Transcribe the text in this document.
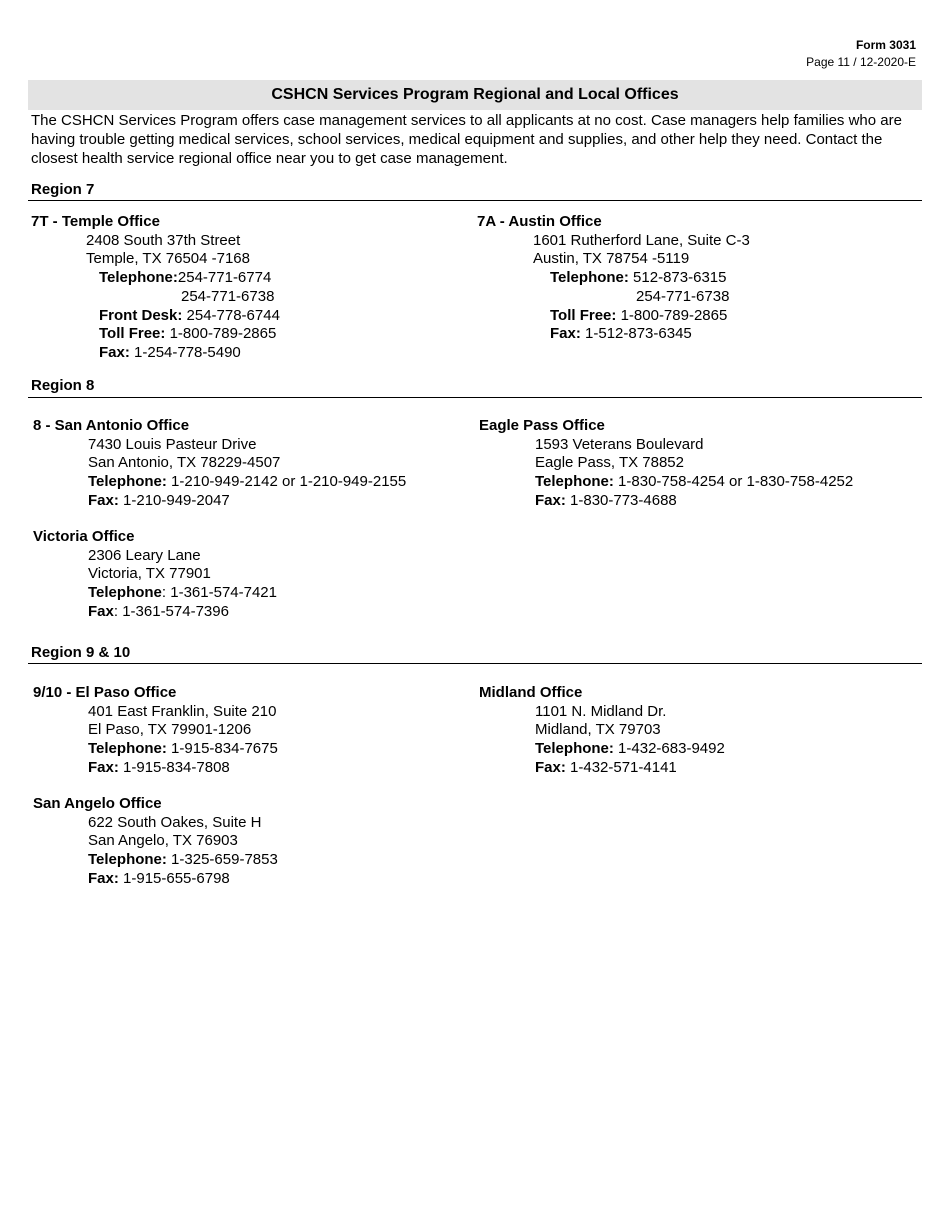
Form 3031
Page 11 / 12-2020-E
CSHCN Services Program Regional and Local Offices
The CSHCN Services Program offers case management services to all applicants at no cost. Case managers help families who are having trouble getting medical services, school services, medical equipment and supplies, and other help they need. Contact the closest health service regional office near you to get case management.
Region 7
7T - Temple Office
2408 South 37th Street
Temple, TX 76504 -7168
Telephone:254-771-6774
254-771-6738
Front Desk: 254-778-6744
Toll Free: 1-800-789-2865
Fax: 1-254-778-5490
7A - Austin Office
1601 Rutherford Lane, Suite C-3
Austin, TX 78754 -5119
Telephone: 512-873-6315
254-771-6738
Toll Free: 1-800-789-2865
Fax: 1-512-873-6345
Region 8
8 - San Antonio Office
7430 Louis Pasteur Drive
San Antonio, TX 78229-4507
Telephone: 1-210-949-2142 or 1-210-949-2155
Fax: 1-210-949-2047
Eagle Pass Office
1593 Veterans Boulevard
Eagle Pass, TX 78852
Telephone: 1-830-758-4254 or 1-830-758-4252
Fax: 1-830-773-4688
Victoria Office
2306 Leary Lane
Victoria, TX 77901
Telephone: 1-361-574-7421
Fax: 1-361-574-7396
Region 9 & 10
9/10 - El Paso Office
401 East Franklin, Suite 210
El Paso, TX 79901-1206
Telephone: 1-915-834-7675
Fax: 1-915-834-7808
Midland Office
1101 N. Midland Dr.
Midland, TX 79703
Telephone: 1-432-683-9492
Fax: 1-432-571-4141
San Angelo Office
622 South Oakes, Suite H
San Angelo, TX 76903
Telephone: 1-325-659-7853
Fax: 1-915-655-6798
